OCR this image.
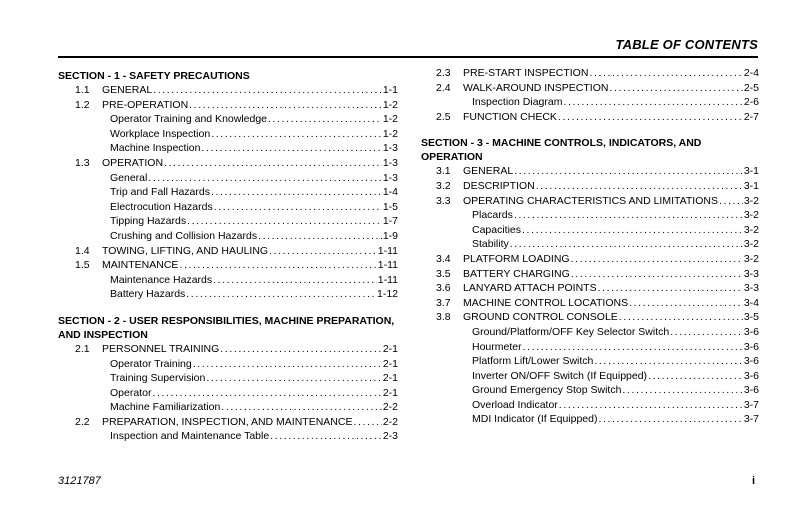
TABLE OF CONTENTS
SECTION - 1 - SAFETY PRECAUTIONS
1.1 GENERAL .....	1-1
1.2 PRE-OPERATION .....	1-2
Operator Training and Knowledge .....	1-2
Workplace Inspection .....	1-2
Machine Inspection .....	1-3
1.3 OPERATION .....	1-3
General .....	1-3
Trip and Fall Hazards .....	1-4
Electrocution Hazards .....	1-5
Tipping Hazards .....	1-7
Crushing and Collision Hazards .....	1-9
1.4 TOWING, LIFTING, AND HAULING .....	1-11
1.5 MAINTENANCE .....	1-11
Maintenance Hazards .....	1-11
Battery Hazards .....	1-12
SECTION - 2 - USER RESPONSIBILITIES, MACHINE PREPARATION, AND INSPECTION
2.1 PERSONNEL TRAINING .....	2-1
Operator Training .....	2-1
Training Supervision .....	2-1
Operator .....	2-1
Machine Familiarization .....	2-2
2.2 PREPARATION, INSPECTION, AND MAINTENANCE .....	2-2
Inspection and Maintenance Table .....	2-3
2.3 PRE-START INSPECTION .....	2-4
2.4 WALK-AROUND INSPECTION .....	2-5
Inspection Diagram .....	2-6
2.5 FUNCTION CHECK .....	2-7
SECTION - 3 - MACHINE CONTROLS, INDICATORS, AND OPERATION
3.1 GENERAL .....	3-1
3.2 DESCRIPTION .....	3-1
3.3 OPERATING CHARACTERISTICS AND LIMITATIONS ..... 3-2
Placards .....	3-2
Capacities .....	3-2
Stability .....	3-2
3.4 PLATFORM LOADING .....	3-2
3.5 BATTERY CHARGING .....	3-3
3.6 LANYARD ATTACH POINTS .....	3-3
3.7 MACHINE CONTROL LOCATIONS .....	3-4
3.8 GROUND CONTROL CONSOLE .....	3-5
Ground/Platform/OFF Key Selector Switch .....	3-6
Hourmeter .....	3-6
Platform Lift/Lower Switch .....	3-6
Inverter ON/OFF Switch (If Equipped) .....	3-6
Ground Emergency Stop Switch .....	3-6
Overload Indicator .....	3-7
MDI Indicator (If Equipped) .....	3-7
3121787	i
